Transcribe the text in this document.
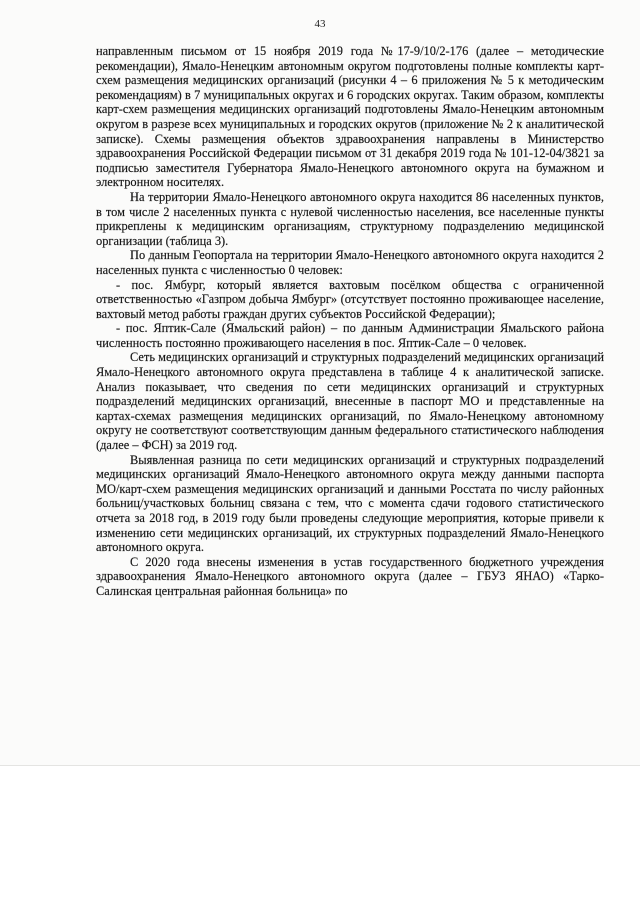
43

направленным письмом от 15 ноября 2019 года №17-9/10/2-176 (далее – методические рекомендации), Ямало-Ненецким автономным округом подготовлены полные комплекты карт-схем размещения медицинских организаций (рисунки 4 – 6 приложения № 5 к методическим рекомендациям) в 7 муниципальных округах и 6 городских округах. Таким образом, комплекты карт-схем размещения медицинских организаций подготовлены Ямало-Ненецким автономным округом в разрезе всех муниципальных и городских округов (приложение № 2 к аналитической записке). Схемы размещения объектов здравоохранения направлены в Министерство здравоохранения Российской Федерации письмом от 31 декабря 2019 года № 101-12-04/3821 за подписью заместителя Губернатора Ямало-Ненецкого автономного округа на бумажном и электронном носителях.

На территории Ямало-Ненецкого автономного округа находится 86 населенных пунктов, в том числе 2 населенных пункта с нулевой численностью населения, все населенные пункты прикреплены к медицинским организациям, структурному подразделению медицинской организации (таблица 3).

По данным Геопортала на территории Ямало-Ненецкого автономного округа находится 2 населенных пункта с численностью 0 человек:

- пос. Ямбург, который является вахтовым посёлком общества с ограниченной ответственностью «Газпром добыча Ямбург» (отсутствует постоянно проживающее население, вахтовый метод работы граждан других субъектов Российской Федерации);

- пос. Яптик-Сале (Ямальский район) – по данным Администрации Ямальского района численность постоянно проживающего населения в пос. Яптик-Сале – 0 человек.

Сеть медицинских организаций и структурных подразделений медицинских организаций Ямало-Ненецкого автономного округа представлена в таблице 4 к аналитической записке. Анализ показывает, что сведения по сети медицинских организаций и структурных подразделений медицинских организаций, внесенные в паспорт МО и представленные на картах-схемах размещения медицинских организаций, по Ямало-Ненецкому автономному округу не соответствуют соответствующим данным федерального статистического наблюдения (далее – ФСН) за 2019 год.

Выявленная разница по сети медицинских организаций и структурных подразделений медицинских организаций Ямало-Ненецкого автономного округа между данными паспорта МО/карт-схем размещения медицинских организаций и данными Росстата по числу районных больниц/участковых больниц связана с тем, что с момента сдачи годового статистического отчета за 2018 год, в 2019 году были проведены следующие мероприятия, которые привели к изменению сети медицинских организаций, их структурных подразделений Ямало-Ненецкого автономного округа.

С 2020 года внесены изменения в устав государственного бюджетного учреждения здравоохранения Ямало-Ненецкого автономного округа (далее – ГБУЗ ЯНАО) «Тарко-Салинская центральная районная больница» по
